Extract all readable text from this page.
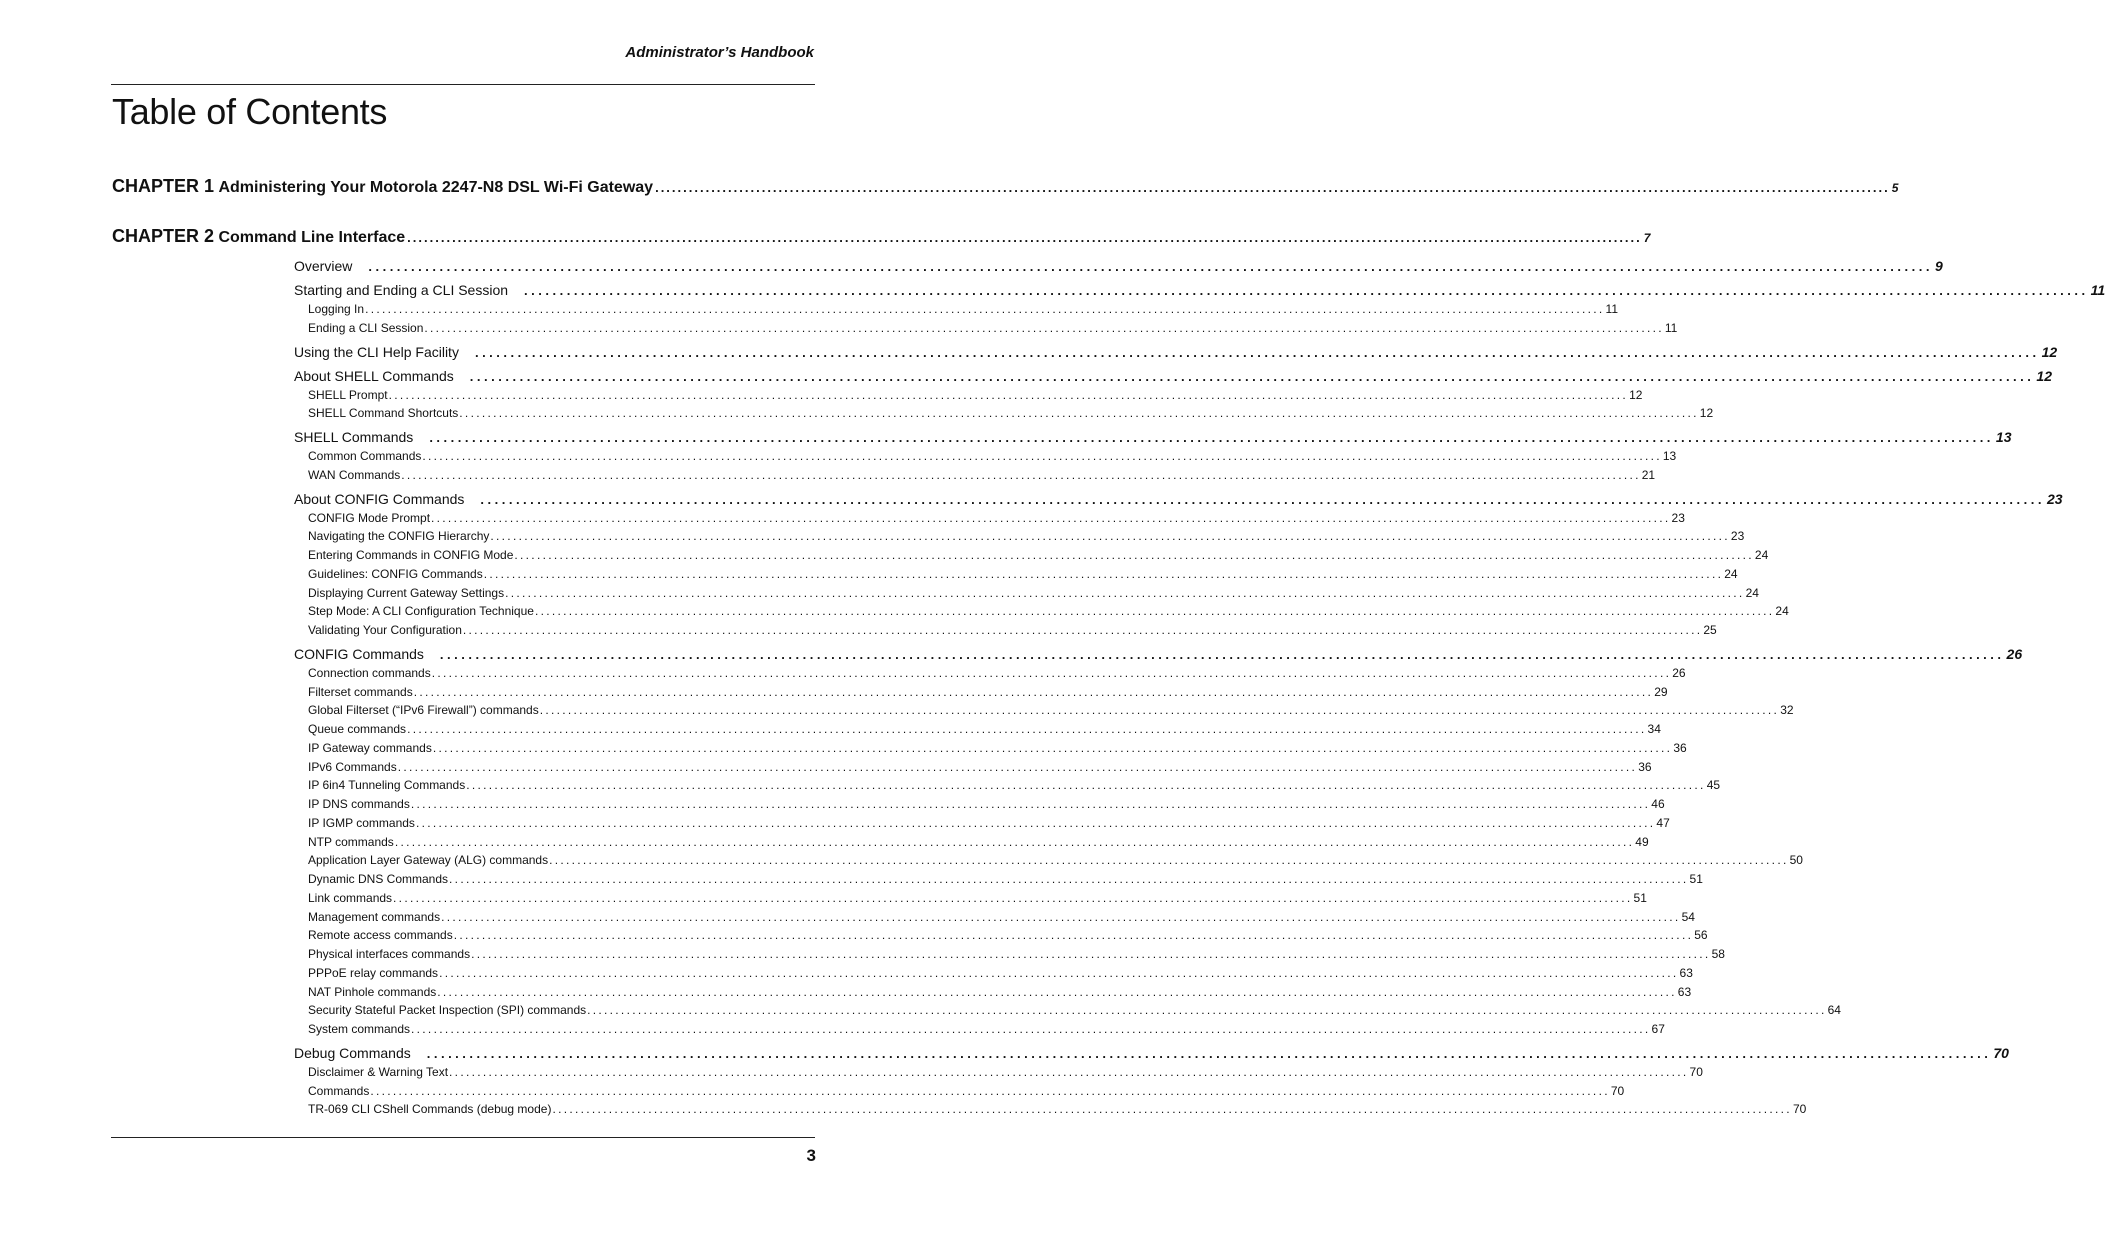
Administrator’s Handbook
Table of Contents
CHAPTER 1 Administering Your Motorola 2247-N8 DSL Wi-Fi Gateway ............................................................................................................................................................................................................................ 5
CHAPTER 2 Command Line Interface ............................................................................................................................................................................................................................ 7
Overview	............................................................................................................................................................................................................................ 9
Starting and Ending a CLI Session	............................................................................................................................................................................................................................ 11
Logging In ............................................................................................................................................................................................................................ 11
Ending a CLI Session ............................................................................................................................................................................................................................ 11
Using the CLI Help Facility	............................................................................................................................................................................................................................ 12
About SHELL Commands	............................................................................................................................................................................................................................ 12
SHELL Prompt ............................................................................................................................................................................................................................ 12
SHELL Command Shortcuts ............................................................................................................................................................................................................................ 12
SHELL Commands	............................................................................................................................................................................................................................ 13
Common Commands ............................................................................................................................................................................................................................ 13
WAN Commands ............................................................................................................................................................................................................................ 21
About CONFIG Commands	............................................................................................................................................................................................................................ 23
CONFIG Mode Prompt ............................................................................................................................................................................................................................ 23
Navigating the CONFIG Hierarchy ............................................................................................................................................................................................................................ 23
Entering Commands in CONFIG Mode ............................................................................................................................................................................................................................ 24
Guidelines: CONFIG Commands ............................................................................................................................................................................................................................ 24
Displaying Current Gateway Settings ............................................................................................................................................................................................................................ 24
Step Mode: A CLI Configuration Technique ............................................................................................................................................................................................................................ 24
Validating Your Configuration ............................................................................................................................................................................................................................ 25
CONFIG Commands	............................................................................................................................................................................................................................ 26
Connection commands ............................................................................................................................................................................................................................ 26
Filterset commands ............................................................................................................................................................................................................................ 29
Global Filterset (“IPv6 Firewall”) commands ............................................................................................................................................................................................................................ 32
Queue commands ............................................................................................................................................................................................................................ 34
IP Gateway commands ............................................................................................................................................................................................................................ 36
IPv6 Commands ............................................................................................................................................................................................................................ 36
IP 6in4 Tunneling Commands ............................................................................................................................................................................................................................ 45
IP DNS commands ............................................................................................................................................................................................................................ 46
IP IGMP commands ............................................................................................................................................................................................................................ 47
NTP commands ............................................................................................................................................................................................................................ 49
Application Layer Gateway (ALG) commands ............................................................................................................................................................................................................................ 50
Dynamic DNS Commands ............................................................................................................................................................................................................................ 51
Link commands ............................................................................................................................................................................................................................ 51
Management commands ............................................................................................................................................................................................................................ 54
Remote access commands ............................................................................................................................................................................................................................ 56
Physical interfaces commands ............................................................................................................................................................................................................................ 58
PPPoE relay commands ............................................................................................................................................................................................................................ 63
NAT Pinhole commands ............................................................................................................................................................................................................................ 63
Security Stateful Packet Inspection (SPI) commands ............................................................................................................................................................................................................................ 64
System commands ............................................................................................................................................................................................................................ 67
Debug Commands	............................................................................................................................................................................................................................ 70
Disclaimer & Warning Text ............................................................................................................................................................................................................................ 70
Commands ............................................................................................................................................................................................................................ 70
TR-069 CLI CShell Commands (debug mode) ............................................................................................................................................................................................................................ 70
3
